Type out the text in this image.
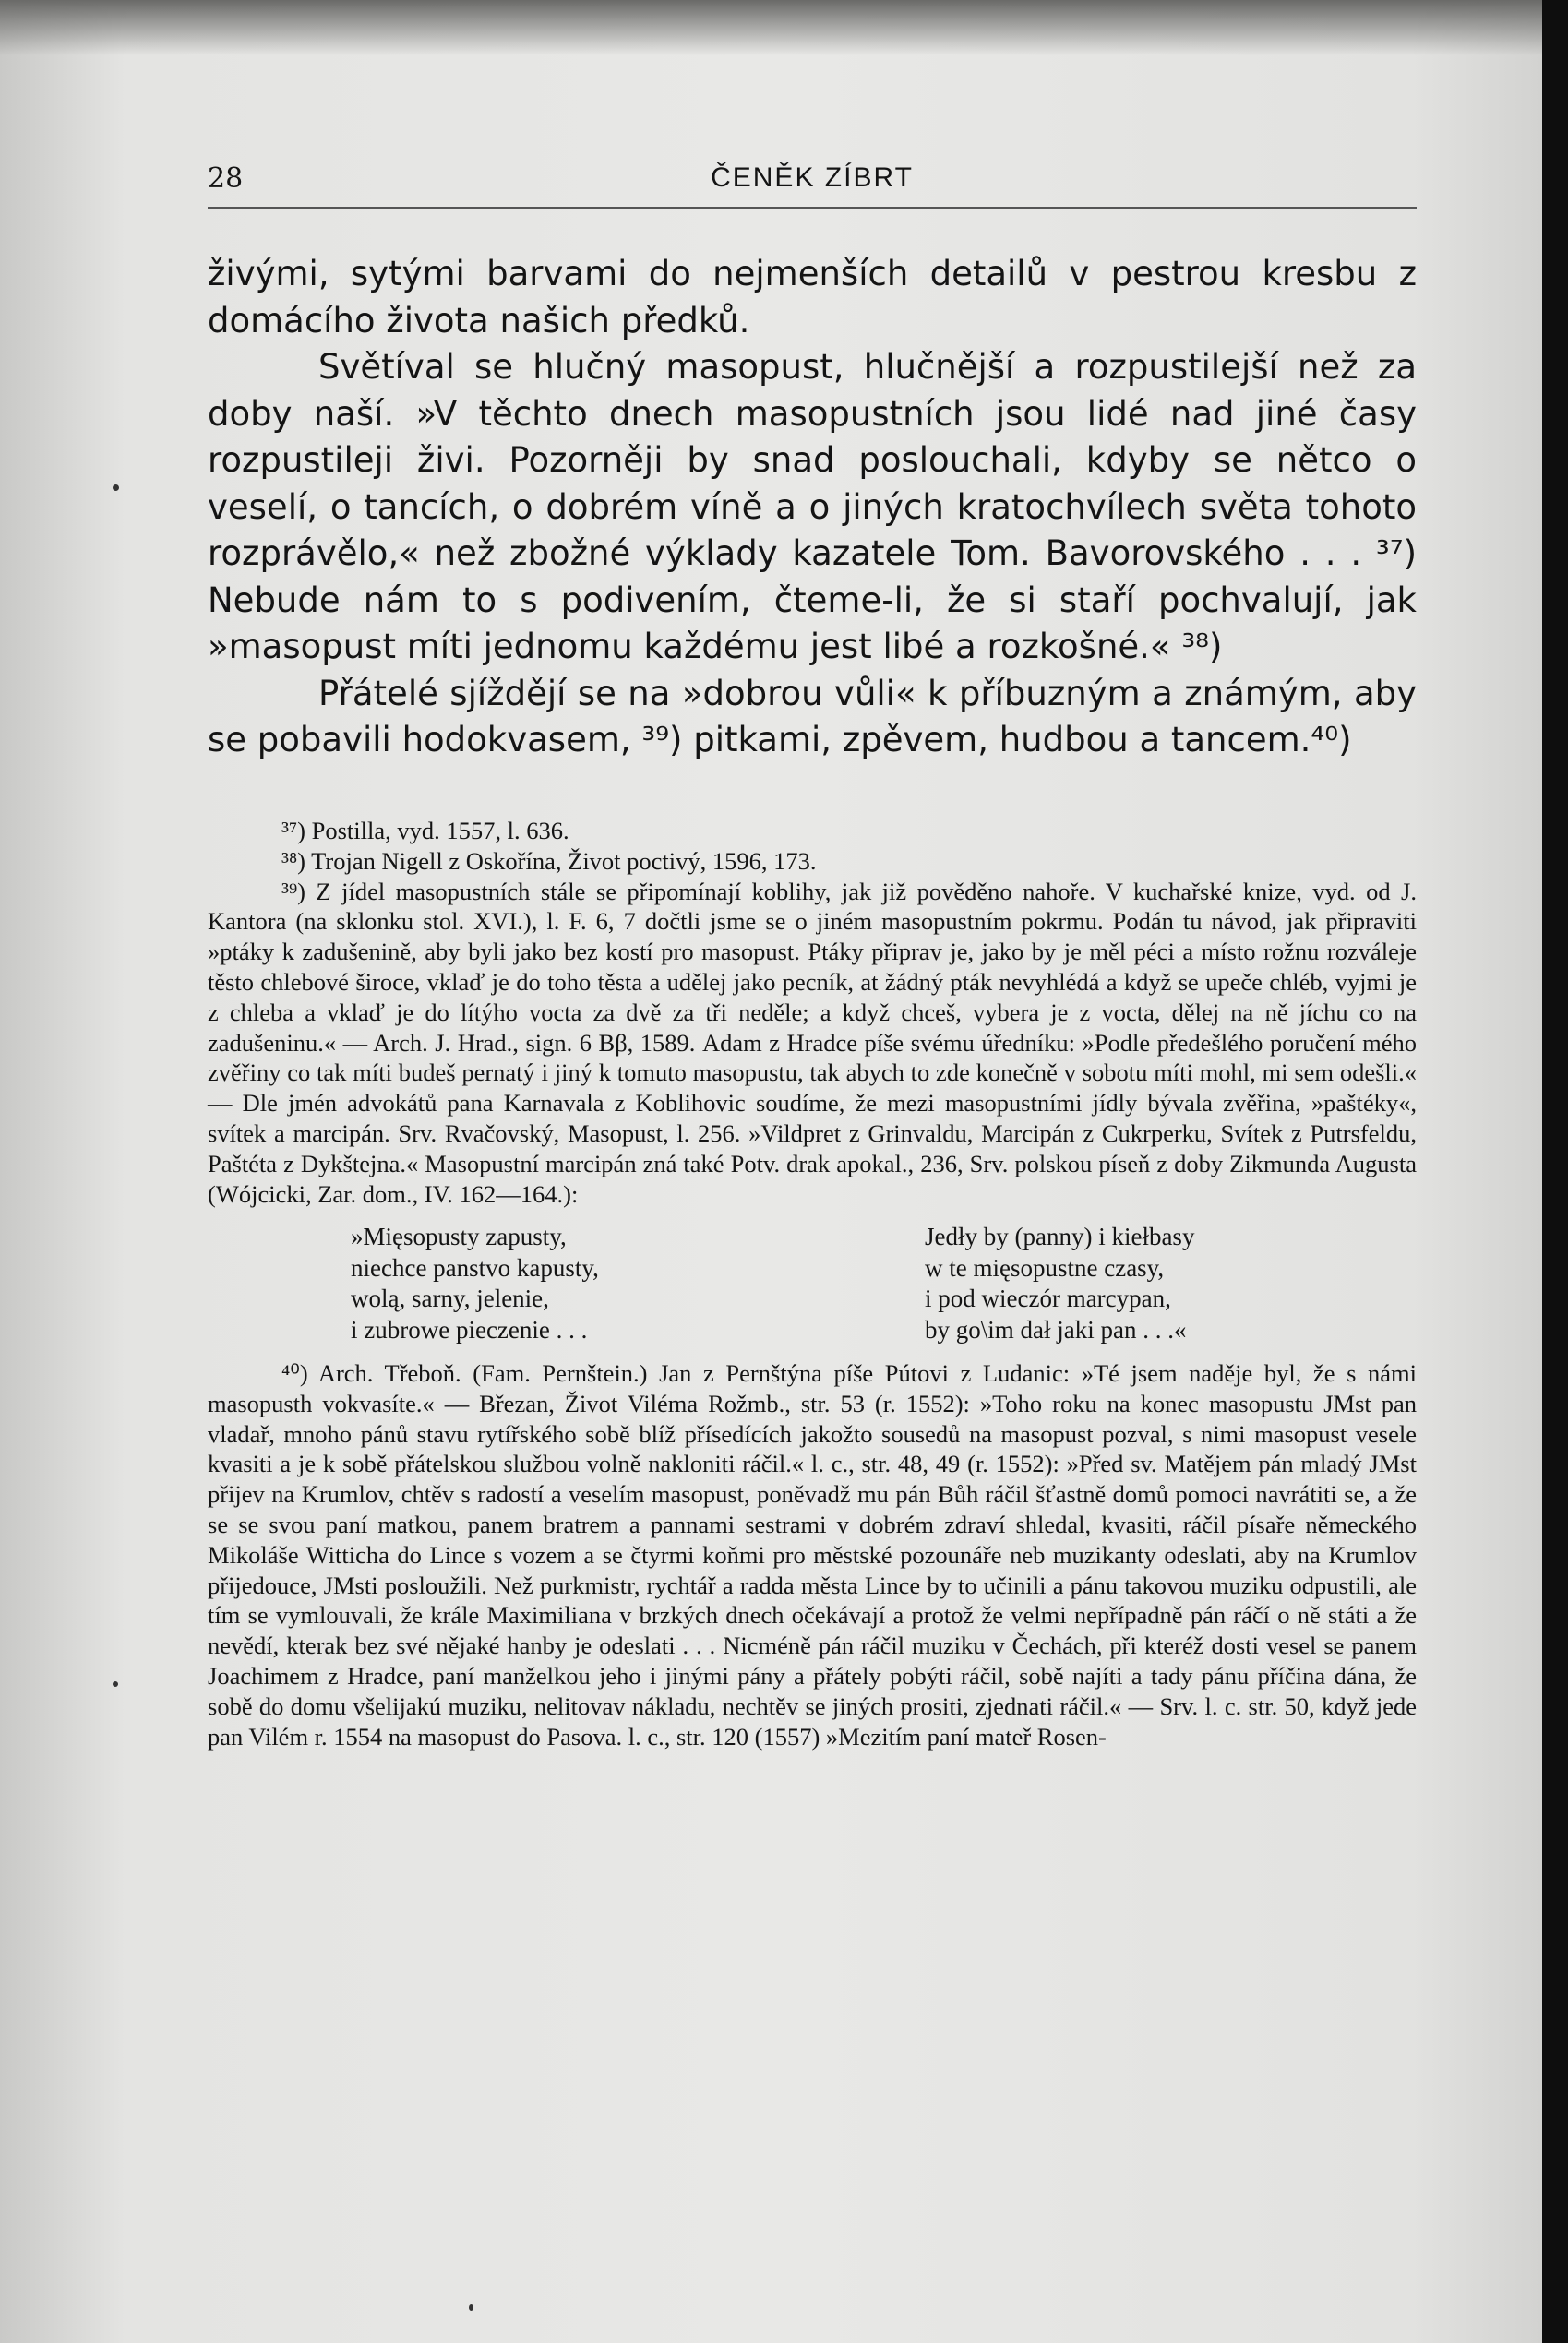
28	ČENĚK ZÍBRT

živými, sytými barvami do nejmenších detailů v pestrou kresbu z domácího života našich předků.

Světíval se hlučný masopust, hlučnější a rozpustilejší než za doby naší. »V těchto dnech masopustních jsou lidé nad jiné časy rozpustileji živi. Pozorněji by snad poslouchali, kdyby se nětco o veselí, o tancích, o dobrém víně a o jiných kratochvílech světa tohoto rozprávělo,« než zbožné výklady kazatele Tom. Bavorovského . . . ³⁷) Nebude nám to s podivením, čteme-li, že si staří pochvalují, jak »masopust míti jednomu každému jest libé a rozkošné.« ³⁸)

Přátelé sjíždějí se na »dobrou vůli« k příbuzným a známým, aby se pobavili hodokvasem, ³⁹) pitkami, zpěvem, hudbou a tancem.⁴⁰)

³⁷) Postilla, vyd. 1557, l. 636.

³⁸) Trojan Nigell z Oskořína, Život poctivý, 1596, 173.

³⁹) Z jídel masopustních stále se připomínají koblihy, jak již pověděno nahoře. V kuchařské knize, vyd. od J. Kantora (na sklonku stol. XVI.), l. F. 6, 7 dočtli jsme se o jiném masopustním pokrmu. Podán tu návod, jak připraviti »ptáky k zadušenině, aby byli jako bez kostí pro masopust. Ptáky připrav je, jako by je měl péci a místo rožnu rozváleje těsto chlebové široce, vklaď je do toho těsta a udělej jako pecník, at žádný pták nevyhlédá a když se upeče chléb, vyjmi je z chleba a vklaď je do lítýho vocta za dvě za tři neděle; a když chceš, vybera je z vocta, dělej na ně jíchu co na zadušeninu.« — Arch. J. Hrad., sign. 6 Bβ, 1589. Adam z Hradce píše svému úředníku: »Podle předešlého poručení mého zvěřiny co tak míti budeš pernatý i jiný k tomuto masopustu, tak abych to zde konečně v sobotu míti mohl, mi sem odešli.« — Dle jmén advokátů pana Karnavala z Koblihovic soudíme, že mezi masopustními jídly bývala zvěřina, »paštéky«, svítek a marcipán. Srv. Rvačovský, Masopust, l. 256. »Vildpret z Grinvaldu, Marcipán z Cukrperku, Svítek z Putrsfeldu, Paštéta z Dykštejna.« Masopustní marcipán zná také Potv. drak apokal., 236, Srv. polskou píseň z doby Zikmunda Augusta (Wójcicki, Zar. dom., IV. 162—164.):

»Mięsopusty zapusty,
niechce panstvo kapusty,
wolą, sarny, jelenie,
i zubrowe pieczenie . . .
Jedły by (panny) i kiełbasy
w te mięsopustne czasy,
i pod wieczór marcypan,
by go\im dał jaki pan . . .«

⁴⁰) Arch. Třeboň. (Fam. Pernštein.) Jan z Pernštýna píše Pútovi z Ludanic: »Té jsem naděje byl, že s námi masopusth vokvasíte.« — Březan, Život Viléma Rožmb., str. 53 (r. 1552): »Toho roku na konec masopustu JMst pan vladař, mnoho pánů stavu rytířského sobě blíž přísedících jakožto sousedů na masopust pozval, s nimi masopust vesele kvasiti a je k sobě přátelskou službou volně nakloniti ráčil.« l. c., str. 48, 49 (r. 1552): »Před sv. Matějem pán mladý JMst přijev na Krumlov, chtěv s radostí a veselím masopust, poněvadž mu pán Bůh ráčil šťastně domů pomoci navrátiti se, a že se se svou paní matkou, panem bratrem a pannami sestrami v dobrém zdraví shledal, kvasiti, ráčil písaře německého Mikoláše Witticha do Lince s vozem a se čtyrmi koňmi pro městské pozounáře neb muzikanty odeslati, aby na Krumlov přijedouce, JMsti posloužili. Než purkmistr, rychtář a radda města Lince by to učinili a pánu takovou muziku odpustili, ale tím se vymlouvali, že krále Maximiliana v brzkých dnech očekávají a protož že velmi nepřípadně pán ráčí o ně státi a že nevědí, kterak bez své nějaké hanby je odeslati . . . Nicméně pán ráčil muziku v Čechách, při kteréž dosti vesel se panem Joachimem z Hradce, paní manželkou jeho i jinými pány a přátely pobýti ráčil, sobě najíti a tady pánu příčina dána, že sobě do domu všelijakú muziku, nelitovav nákladu, nechtěv se jiných prositi, zjednati ráčil.« — Srv. l. c. str. 50, když jede pan Vilém r. 1554 na masopust do Pasova. l. c., str. 120 (1557) »Mezitím paní mateř Rosen-
